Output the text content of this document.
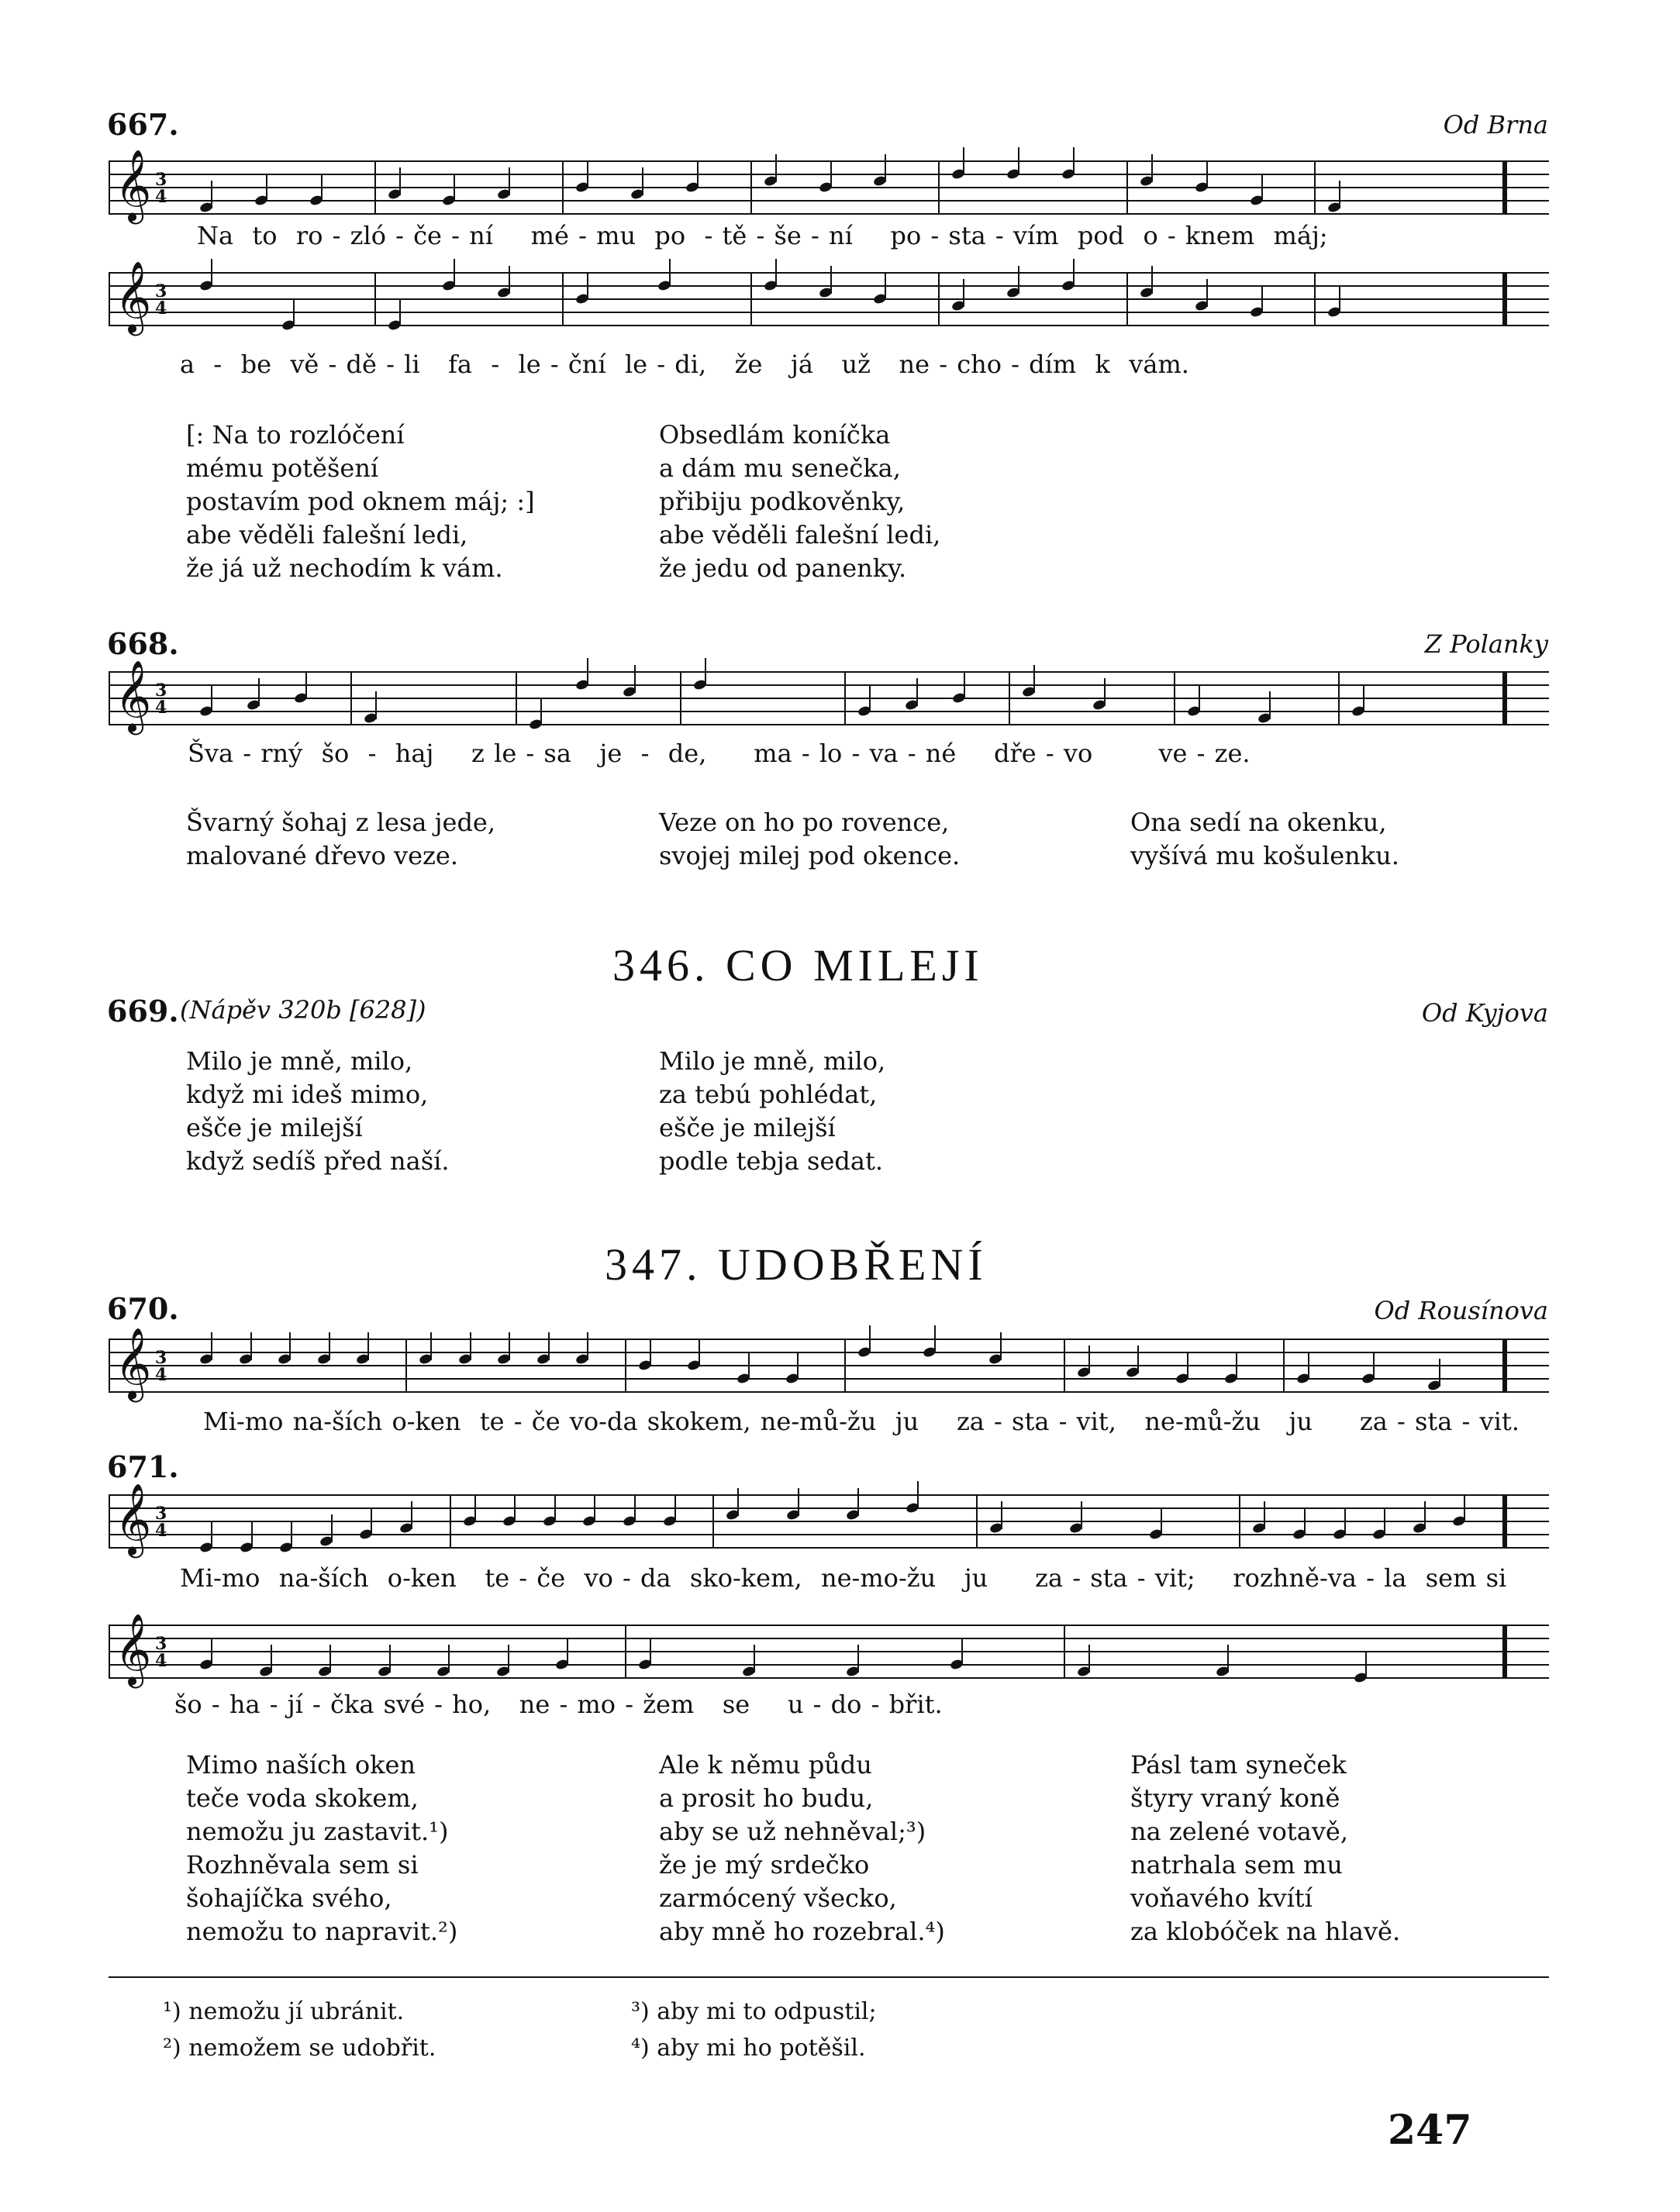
667.	Od Brna
𝄞 3
4
Na  to  ro - zló - če - ní    mé - mu  po  - tě - še - ní    po - sta - vím  pod  o - knem  máj;
𝄞 3
4
a  -  be  vě - dě - li   fa  -  le - ční  le - di,   že   já   už   ne - cho - dím  k  vám.
[: Na to rozlóčení
mému potěšení
postavím pod oknem máj; :]
abe věděli falešní ledi,
že já už nechodím k vám.
Obsedlám koníčka
a dám mu senečka,
přibiju podkověnky,
abe věděli falešní ledi,
že jedu od panenky.
668.	Z Polanky
𝄞 3
4
Šva - rný  šo  -  haj    z le - sa   je  -  de,     ma - lo - va - né    dře - vo       ve - ze.
Švarný šohaj z lesa jede,
malované dřevo veze.
Veze on ho po rovence,
svojej milej pod okence.
Ona sedí na okenku,
vyšívá mu košulenku.
346. CO MILEJI
669. (Nápěv 320b [628])	Od Kyjova
Milo je mně, milo,
když mi ideš mimo,
ešče je milejší
když sedíš před naší.
Milo je mně, milo,
za tebú pohlédat,
ešče je milejší
podle tebja sedat.
347. UDOBŘENÍ
670.	Od Rousínova
𝄞 3
4
Mi-mo na-ších o-ken  te - če vo-da skokem, ne-mů-žu  ju    za - sta - vit,   ne-mů-žu   ju     za - sta - vit.
671.
𝄞 3
4
Mi-mo  na-ších  o-ken   te - če  vo - da  sko-kem,  ne-mo-žu   ju     za - sta - vit;    rozhně-va - la  sem si
𝄞 3
4
šo - ha - jí - čka své - ho,   ne - mo - žem   se    u - do - břit.
Mimo naších oken
teče voda skokem,
nemožu ju zastavit.¹)
Rozhněvala sem si
šohajíčka svého,
nemožu to napravit.²)
Ale k němu půdu
a prosit ho budu,
aby se už nehněval;³)
že je mý srdečko
zarmócený všecko,
aby mně ho rozebral.⁴)
Pásl tam syneček
štyry vraný koně
na zelené votavě,
natrhala sem mu
voňavého kvítí
za klobóček na hlavě.
¹) nemožu jí ubránit.
²) nemožem se udobřit.
³) aby mi to odpustil;
⁴) aby mi ho potěšil.
247
